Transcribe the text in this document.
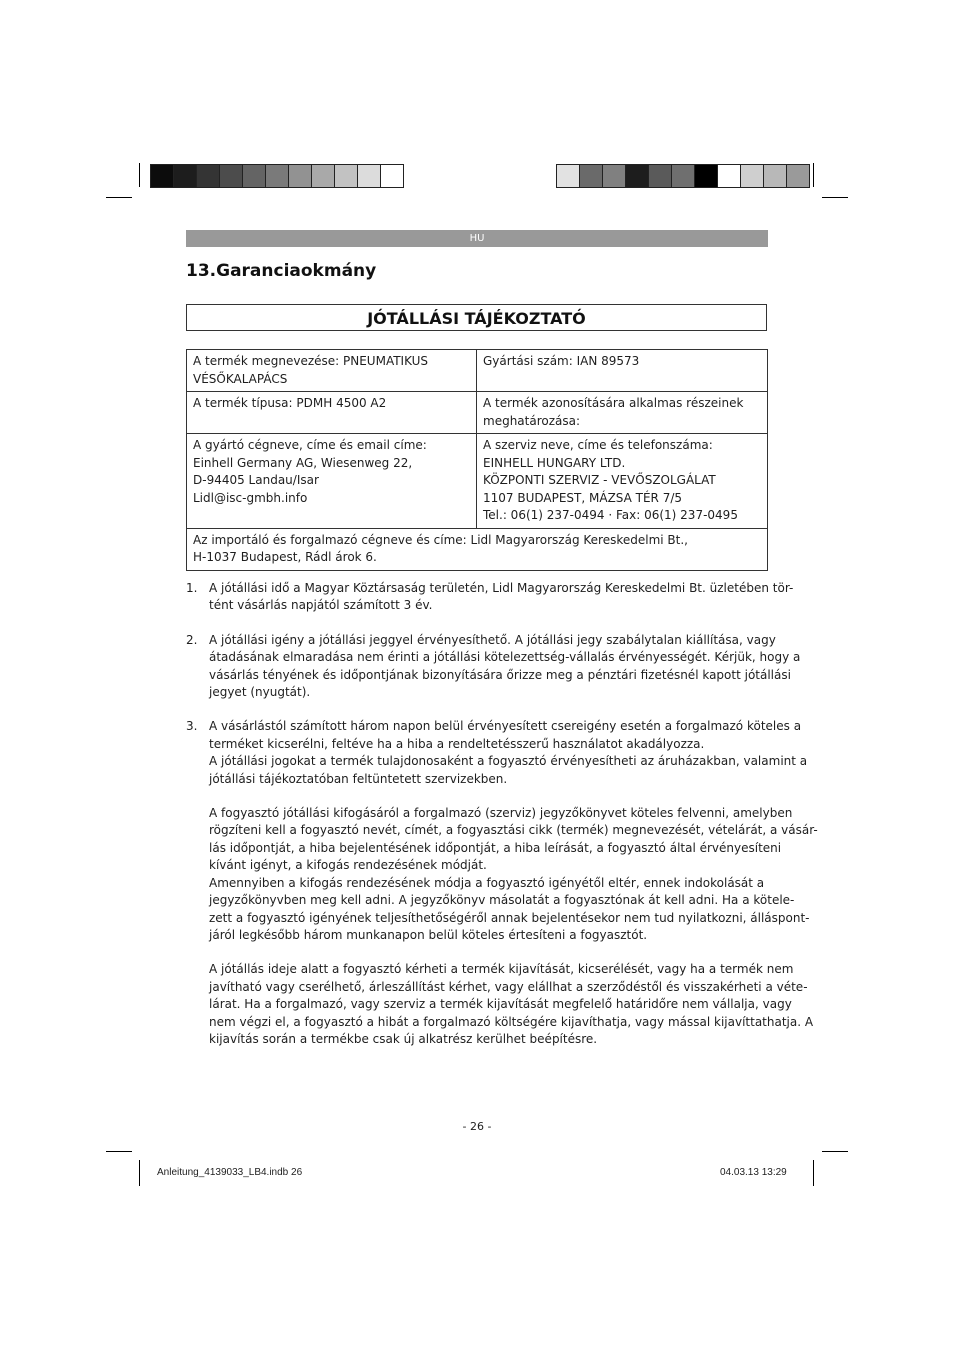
HU
13.Garanciaokmány
JÓTÁLLÁSI TÁJÉKOZTATÓ
A termék megnevezése: PNEUMATIKUS
VÉSŐKALAPÁCS	Gyártási szám: IAN 89573

A termék típusa: PDMH 4500 A2	A termék azonosítására alkalmas részeinek
meghatározása:

A gyártó cégneve, címe és email címe:
Einhell Germany AG, Wiesenweg 22,
D-94405 Landau/Isar
Lidl@isc-gmbh.info	A szerviz neve, címe és telefonszáma:
EINHELL HUNGARY LTD.
KÖZPONTI SZERVIZ - VEVŐSZOLGÁLAT
1107 BUDAPEST, MÁZSA TÉR 7/5
Tel.: 06(1) 237-0494 · Fax: 06(1) 237-0495

Az importáló és forgalmazó cégneve és címe: Lidl Magyarország Kereskedelmi Bt.,
H-1037 Budapest, Rádl árok 6.	
1. A jótállási idő a Magyar Köztársaság területén, Lidl Magyarország Kereskedelmi Bt. üzletében tör-
tént vásárlás napjától számított 3 év.
2. A jótállási igény a jótállási jeggyel érvényesíthető. A jótállási jegy szabálytalan kiállítása, vagy
átadásának elmaradása nem érinti a jótállási kötelezettség-vállalás érvényességét. Kérjük, hogy a
vásárlás tényének és időpontjának bizonyítására őrizze meg a pénztári fizetésnél kapott jótállási
jegyet (nyugtát).
3. A vásárlástól számított három napon belül érvényesített csereigény esetén a forgalmazó köteles a
terméket kicserélni, feltéve ha a hiba a rendeltetésszerű használatot akadályozza.
A jótállási jogokat a termék tulajdonosaként a fogyasztó érvényesítheti az áruházakban, valamint a
jótállási tájékoztatóban feltüntetett szervizekben.
A fogyasztó jótállási kifogásáról a forgalmazó (szerviz) jegyzőkönyvet köteles felvenni, amelyben
rögzíteni kell a fogyasztó nevét, címét, a fogyasztási cikk (termék) megnevezését, vételárát, a vásár-
lás időpontját, a hiba bejelentésének időpontját, a hiba leírását, a fogyasztó által érvényesíteni
kívánt igényt, a kifogás rendezésének módját.
Amennyiben a kifogás rendezésének módja a fogyasztó igényétől eltér, ennek indokolását a
jegyzőkönyvben meg kell adni. A jegyzőkönyv másolatát a fogyasztónak át kell adni. Ha a kötele-
zett a fogyasztó igényének teljesíthetőségéről annak bejelentésekor nem tud nyilatkozni, álláspont-
járól legkésőbb három munkanapon belül köteles értesíteni a fogyasztót.
A jótállás ideje alatt a fogyasztó kérheti a termék kijavítását, kicserélését, vagy ha a termék nem
javítható vagy cserélhető, árleszállítást kérhet, vagy elállhat a szerződéstől és visszakérheti a véte-
lárat. Ha a forgalmazó, vagy szerviz a termék kijavítását megfelelő határidőre nem vállalja, vagy
nem végzi el, a fogyasztó a hibát a forgalmazó költségére kijavíthatja, vagy mással kijavíttathatja. A
kijavítás során a termékbe csak új alkatrész kerülhet beépítésre.
- 26 -
Anleitung_4139033_LB4.indb 26	04.03.13 13:29
